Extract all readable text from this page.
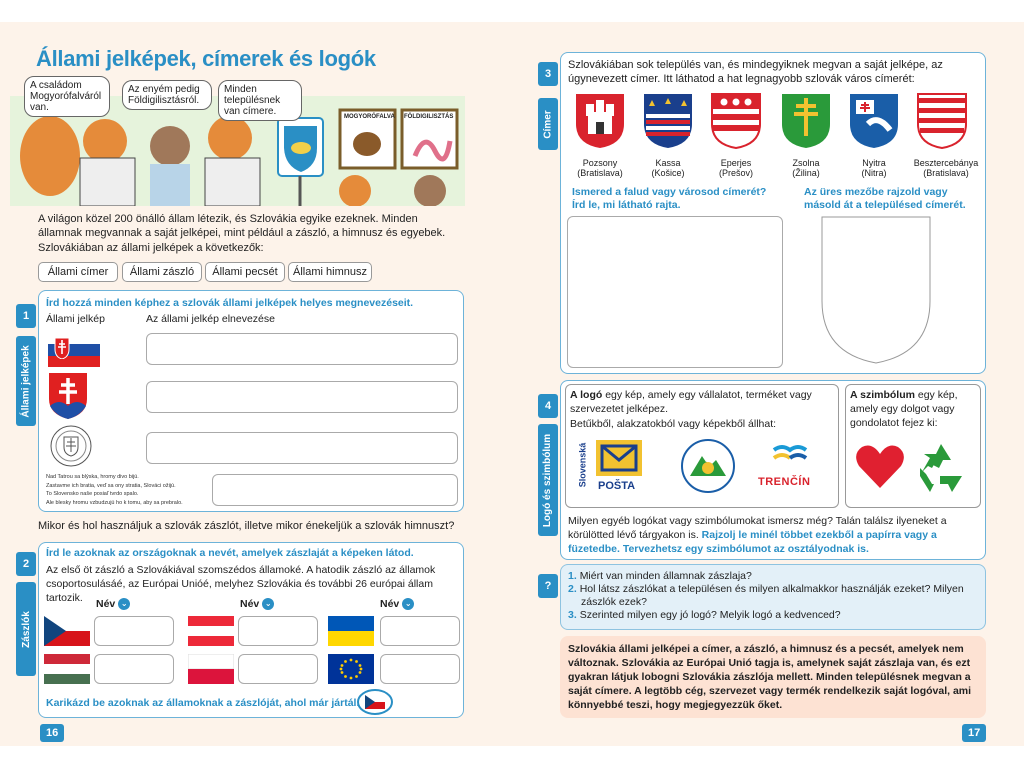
Állami jelképek, címerek és logók
MOGYORÓFALVA FÖLDIGILISZTÁS
A családom Mogyorófalváról van.
Az enyém pedig Földigilisztásról.
Minden településnek van címere.
A világon közel 200 önálló állam létezik, és Szlovákia egyike ezeknek. Minden államnak megvannak a saját jelképei, mint például a zászló, a himnusz és egyebek.
Szlovákiában az állami jelképek a következők:
Állami címer	Állami zászló	Állami pecsét	Állami himnusz
1
Állami jelképek
Írd hozzá minden képhez a szlovák állami jelképek helyes megnevezéseit.
Állami jelkép	Az állami jelkép elnevezése
Nad Tatrou sa blýska, hromy divo bijú.
Zastavme ich bratia, veď sa ony stratia, Slováci ožijú.
To Slovensko naše posiaľ tvrdo spalo.
Ale blesky hromu vzbudzujú ho k tomu, aby sa prebralo.
Mikor és hol használjuk a szlovák zászlót, illetve mikor énekeljük a szlovák himnuszt?
2
Zászlók
Írd le azoknak az országoknak a nevét, amelyek zászlaját a képeken látod.
Az első öt zászló a Szlovákiával szomszédos államoké. A hatodik zászló az államok csoportosulásáé, az Európai Unióé, melyhez Szlovákia és további 26 európai állam tartozik.	Név ⌄	Név ⌄	Név ⌄
Karikázd be azoknak az államoknak a zászlóját, ahol már jártál.
16
3
Címer
Szlovákiában sok település van, és mindegyiknek megvan a saját jelképe, az úgynevezett címer. Itt láthatod a hat legnagyobb szlovák város címerét:
Pozsony
(Bratislava)
Kassa
(Košice)
Eperjes
(Prešov)
Zsolna
(Žilina)
Nyitra
(Nitra)
Besztercebánya
(Bratislava)
Ismered a falud vagy városod címerét? Írd le, mi látható rajta.
Az üres mezőbe rajzold vagy másold át a településed címerét.
4
Logó és szimbólum
A logó egy kép, amely egy vállalatot, terméket vagy szervezetet jelképez.
Betűkből, alakzatokból vagy képekből állhat:
Slovenská POŠTA	TRENČÍN
A szimbólum egy kép, amely egy dolgot vagy gondolatot fejez ki:
Milyen egyéb logókat vagy szimbólumokat ismersz még? Talán találsz ilyeneket a körülötted lévő tárgyakon is. Rajzolj le minél többet ezekből a papírra vagy a füzetedbe. Tervezhetsz egy szimbólumot az osztályodnak is.
?
1. Miért van minden államnak zászlaja?
2. Hol látsz zászlókat a településen és milyen alkalmakkor használják ezeket? Milyen zászlók ezek?
3. Szerinted milyen egy jó logó? Melyik logó a kedvenced?
Szlovákia állami jelképei a címer, a zászló, a himnusz és a pecsét, amelyek nem változnak. Szlovákia az Európai Unió tagja is, amelynek saját zászlaja van, és ezt gyakran látjuk lobogni Szlovákia zászlója mellett. Minden településnek megvan a saját címere. A legtöbb cég, szervezet vagy termék rendelkezik saját logóval, ami könnyebbé teszi, hogy megjegyezzük őket.
17
